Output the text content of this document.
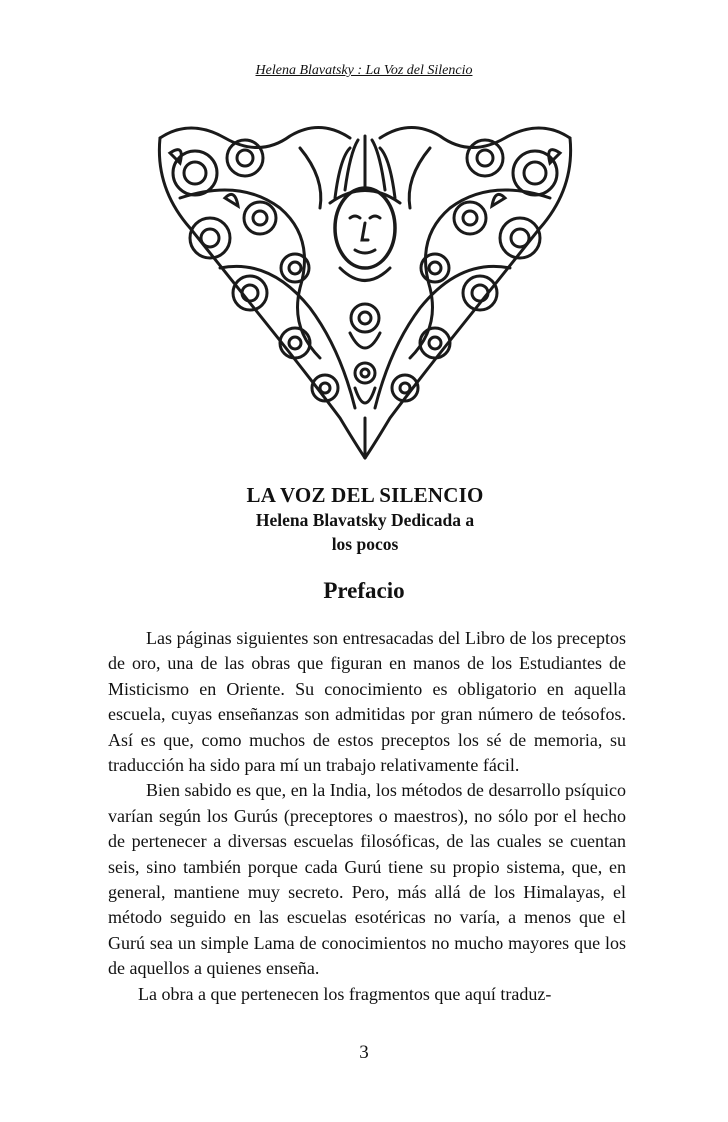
Helena Blavatsky : La Voz del Silencio
LA VOZ DEL SILENCIO
Helena Blavatsky Dedicada a
los pocos
Prefacio

Las páginas siguientes son entresacadas del Libro de los preceptos de oro, una de las obras que figuran en manos de los Estudiantes de Misticismo en Oriente. Su conocimiento es obligatorio en aquella escuela, cuyas enseñanzas son admitidas por gran número de teósofos. Así es que, como muchos de estos preceptos los sé de memoria, su traducción ha sido para mí un trabajo relativamente fácil.

Bien sabido es que, en la India, los métodos de desarrollo psíquico varían según los Gurús (preceptores o maestros), no sólo por el hecho de pertenecer a diversas escuelas filosóficas, de las cuales se cuentan seis, sino también porque cada Gurú tiene su propio sistema, que, en general, mantiene muy secreto. Pero, más allá de los Himalayas, el método seguido en las escuelas esotéricas no varía, a menos que el Gurú sea un simple Lama de conocimientos no mucho mayores que los de aquellos a quienes enseña.

La obra a que pertenecen los fragmentos que aquí traduz-

3
